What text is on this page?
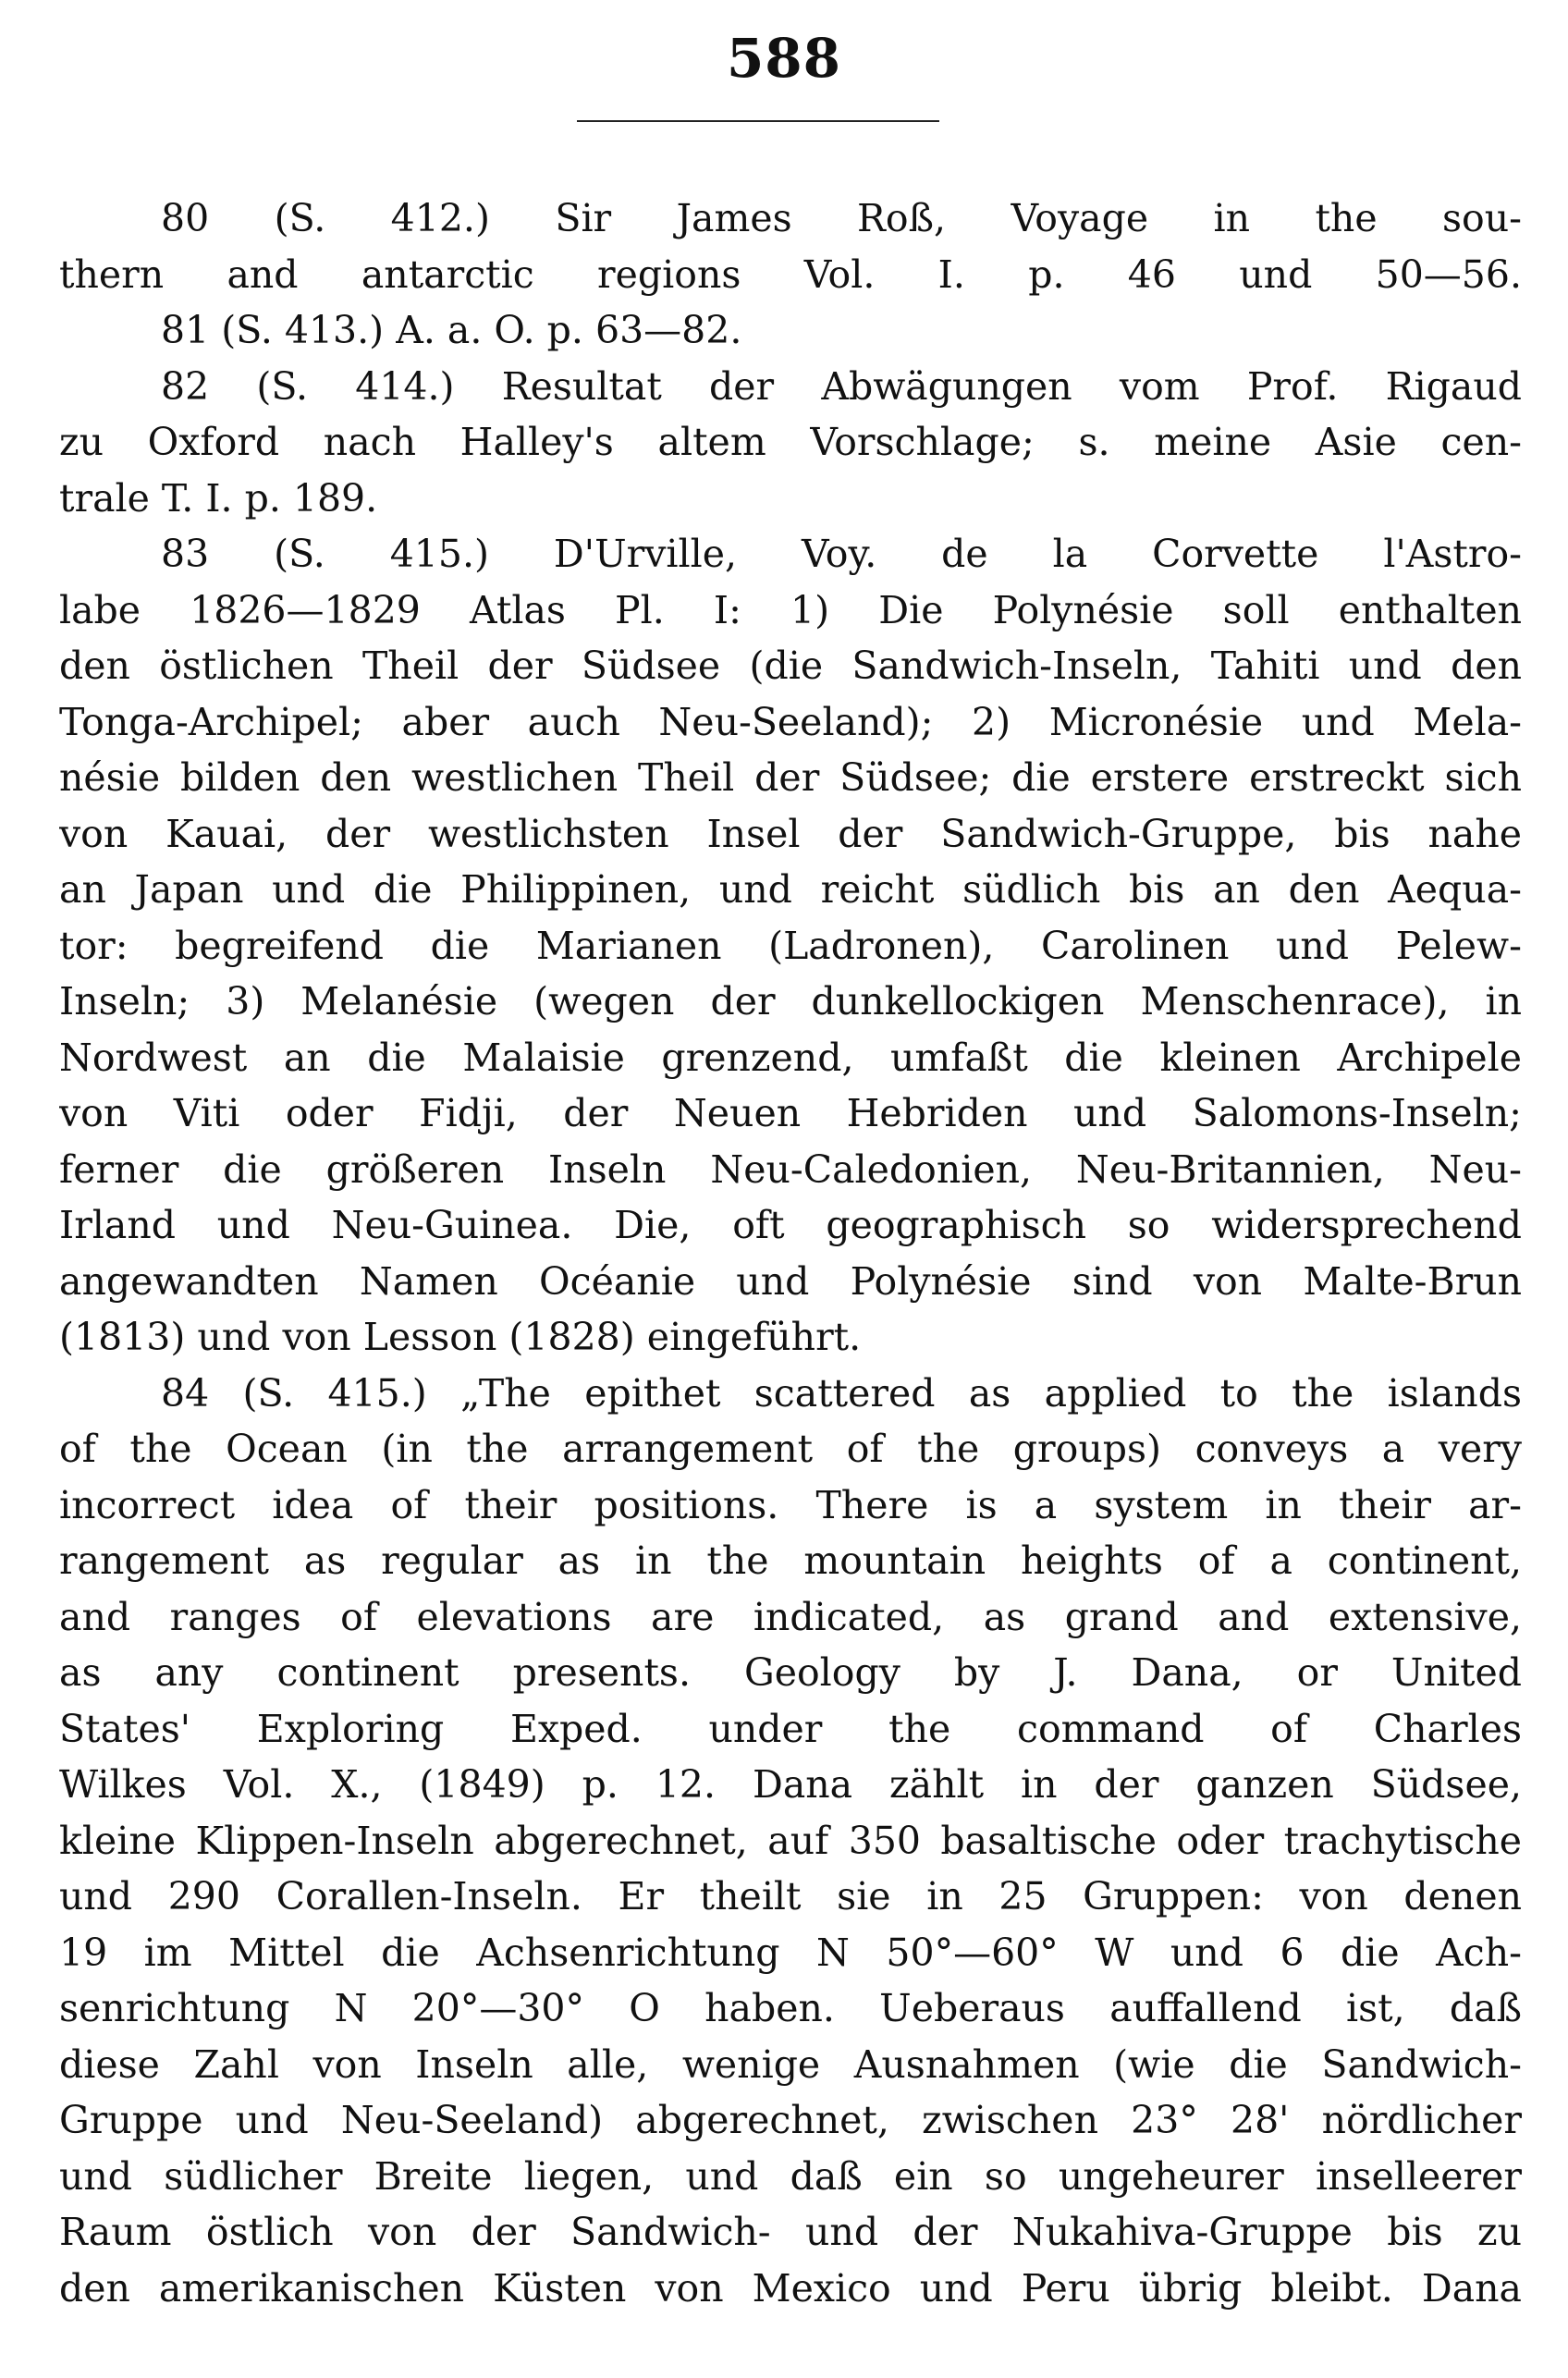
588
80 (S. 412.) Sir James Roß, Voyage in the sou-
thern and antarctic regions Vol. I. p. 46 und 50—56.
81 (S. 413.) A. a. O. p. 63—82.
82 (S. 414.) Resultat der Abwägungen vom Prof. Rigaud
zu Oxford nach Halley's altem Vorschlage; s. meine Asie cen-
trale T. I. p. 189.
83 (S. 415.) D'Urville, Voy. de la Corvette l'Astro-
labe 1826—1829 Atlas Pl. I: 1) Die Polynésie soll enthalten
den östlichen Theil der Südsee (die Sandwich-Inseln, Tahiti und den
Tonga-Archipel; aber auch Neu-Seeland); 2) Micronésie und Mela-
nésie bilden den westlichen Theil der Südsee; die erstere erstreckt sich
von Kauai, der westlichsten Insel der Sandwich-Gruppe, bis nahe
an Japan und die Philippinen, und reicht südlich bis an den Aequa-
tor: begreifend die Marianen (Ladronen), Carolinen und Pelew-
Inseln; 3) Melanésie (wegen der dunkellockigen Menschenrace), in
Nordwest an die Malaisie grenzend, umfaßt die kleinen Archipele
von Viti oder Fidji, der Neuen Hebriden und Salomons-Inseln;
ferner die größeren Inseln Neu-Caledonien, Neu-Britannien, Neu-
Irland und Neu-Guinea. Die, oft geographisch so widersprechend
angewandten Namen Océanie und Polynésie sind von Malte-Brun
(1813) und von Lesson (1828) eingeführt.
84 (S. 415.) „The epithet scattered as applied to the islands
of the Ocean (in the arrangement of the groups) conveys a very
incorrect idea of their positions. There is a system in their ar-
rangement as regular as in the mountain heights of a continent,
and ranges of elevations are indicated, as grand and extensive,
as any continent presents. Geology by J. Dana, or United
States' Exploring Exped. under the command of Charles
Wilkes Vol. X., (1849) p. 12. Dana zählt in der ganzen Südsee,
kleine Klippen-Inseln abgerechnet, auf 350 basaltische oder trachytische
und 290 Corallen-Inseln. Er theilt sie in 25 Gruppen: von denen
19 im Mittel die Achsenrichtung N 50°—60° W und 6 die Ach-
senrichtung N 20°—30° O haben. Ueberaus auffallend ist, daß
diese Zahl von Inseln alle, wenige Ausnahmen (wie die Sandwich-
Gruppe und Neu-Seeland) abgerechnet, zwischen 23° 28' nördlicher
und südlicher Breite liegen, und daß ein so ungeheurer inselleerer
Raum östlich von der Sandwich- und der Nukahiva-Gruppe bis zu
den amerikanischen Küsten von Mexico und Peru übrig bleibt. Dana
